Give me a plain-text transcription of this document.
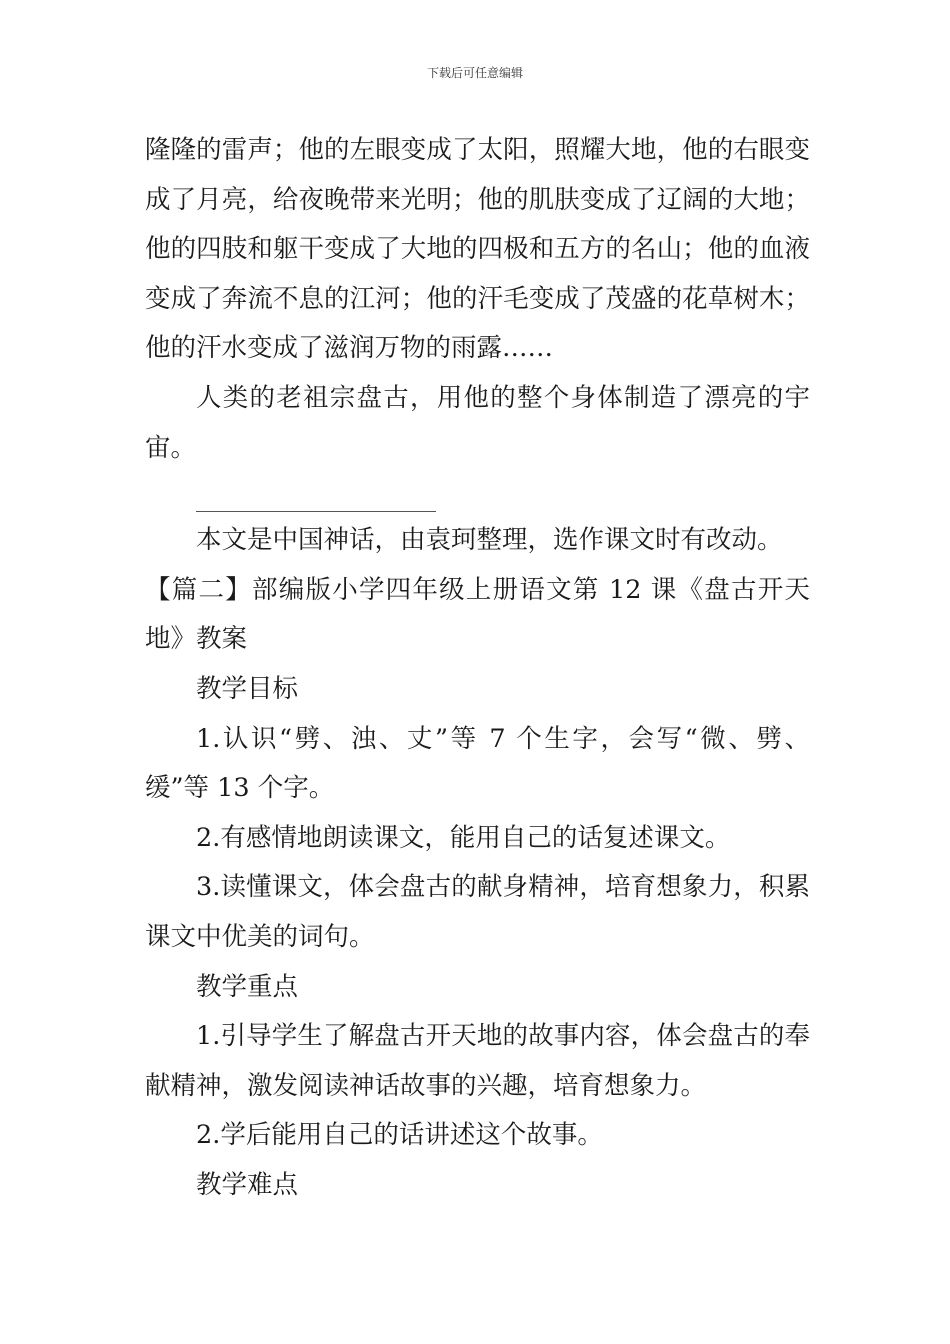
下载后可任意编辑

隆隆的雷声；他的左眼变成了太阳，照耀大地，他的右眼变成了月亮，给夜晚带来光明；他的肌肤变成了辽阔的大地；他的四肢和躯干变成了大地的四极和五方的名山；他的血液变成了奔流不息的江河；他的汗毛变成了茂盛的花草树木；他的汗水变成了滋润万物的雨露……

人类的老祖宗盘古，用他的整个身体制造了漂亮的宇宙。

本文是中国神话，由袁珂整理，选作课文时有改动。

【篇二】部编版小学四年级上册语文第 12 课《盘古开天地》教案

教学目标

1.认识“劈、浊、丈”等 7 个生字，会写“微、劈、缓”等 13 个字。

2.有感情地朗读课文，能用自己的话复述课文。

3.读懂课文，体会盘古的献身精神，培育想象力，积累课文中优美的词句。

教学重点

1.引导学生了解盘古开天地的故事内容，体会盘古的奉献精神，激发阅读神话故事的兴趣，培育想象力。

2.学后能用自己的话讲述这个故事。

教学难点
